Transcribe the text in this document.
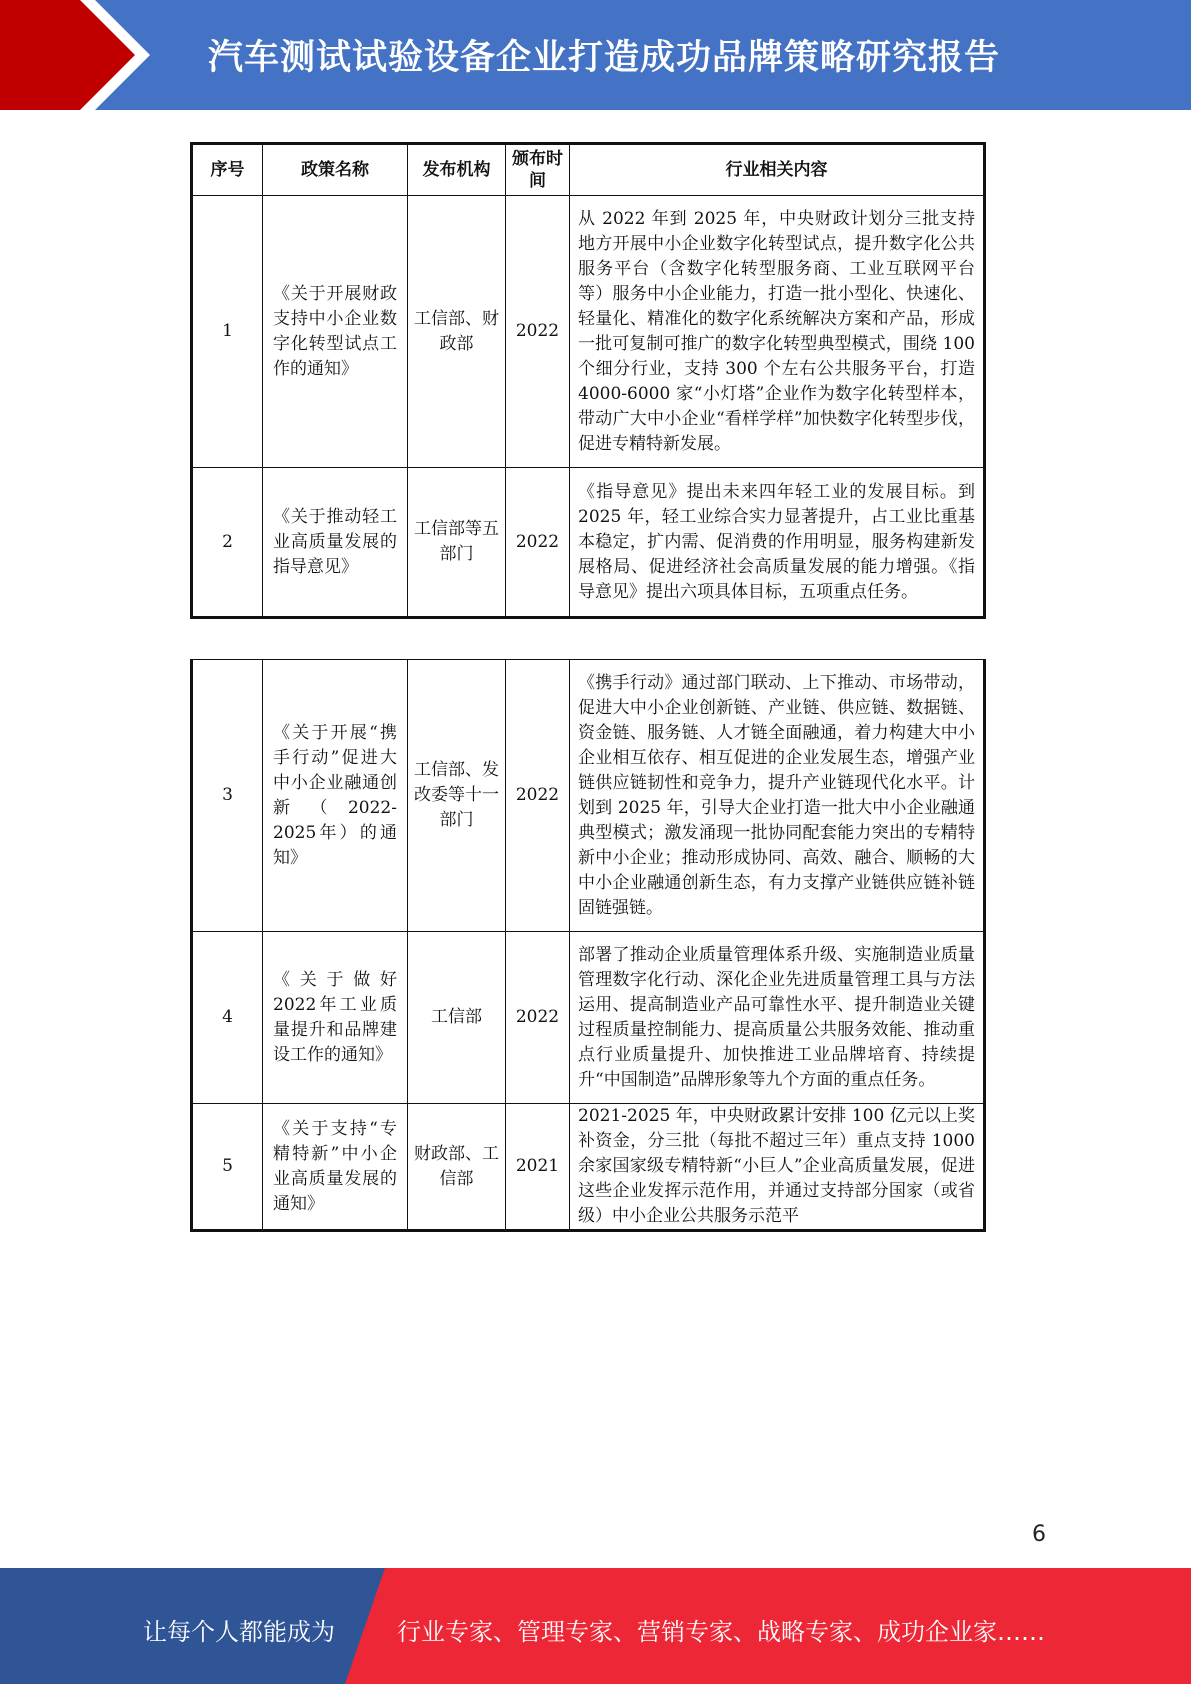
汽车测试试验设备企业打造成功品牌策略研究报告
序号	政策名称	发布机构	颁布时间	行业相关内容
1	《关于开展财政支持中小企业数字化转型试点工作的通知》	工信部、财政部	2022	从 2022 年到 2025 年，中央财政计划分三批支持地方开展中小企业数字化转型试点，提升数字化公共服务平台（含数字化转型服务商、工业互联网平台等）服务中小企业能力，打造一批小型化、快速化、轻量化、精准化的数字化系统解决方案和产品，形成一批可复制可推广的数字化转型典型模式，围绕 100 个细分行业，支持 300 个左右公共服务平台，打造 4000-6000 家“小灯塔”企业作为数字化转型样本，带动广大中小企业“看样学样”加快数字化转型步伐，促进专精特新发展。
2	《关于推动轻工业高质量发展的指导意见》	工信部等五部门	2022	《指导意见》提出未来四年轻工业的发展目标。到 2025 年，轻工业综合实力显著提升，占工业比重基本稳定，扩内需、促消费的作用明显，服务构建新发展格局、促进经济社会高质量发展的能力增强。《指导意见》提出六项具体目标，五项重点任务。
3	《关于开展“携手行动”促进大中小企业融通创新（2022-2025年）的通知》	工信部、发改委等十一部门	2022	《携手行动》通过部门联动、上下推动、市场带动，促进大中小企业创新链、产业链、供应链、数据链、资金链、服务链、人才链全面融通，着力构建大中小企业相互依存、相互促进的企业发展生态，增强产业链供应链韧性和竞争力，提升产业链现代化水平。计划到 2025 年，引导大企业打造一批大中小企业融通典型模式；激发涌现一批协同配套能力突出的专精特新中小企业；推动形成协同、高效、融合、顺畅的大中小企业融通创新生态，有力支撑产业链供应链补链固链强链。
4	《关于做好2022年工业质量提升和品牌建设工作的通知》	工信部	2022	部署了推动企业质量管理体系升级、实施制造业质量管理数字化行动、深化企业先进质量管理工具与方法运用、提高制造业产品可靠性水平、提升制造业关键过程质量控制能力、提高质量公共服务效能、推动重点行业质量提升、加快推进工业品牌培育、持续提升“中国制造”品牌形象等九个方面的重点任务。
5	《关于支持“专精特新”中小企业高质量发展的通知》	财政部、工信部	2021	2021-2025 年，中央财政累计安排 100 亿元以上奖补资金，分三批（每批不超过三年）重点支持 1000 余家国家级专精特新“小巨人”企业高质量发展，促进这些企业发挥示范作用，并通过支持部分国家（或省级）中小企业公共服务示范平
6
让每个人都能成为	行业专家、管理专家、营销专家、战略专家、成功企业家……
